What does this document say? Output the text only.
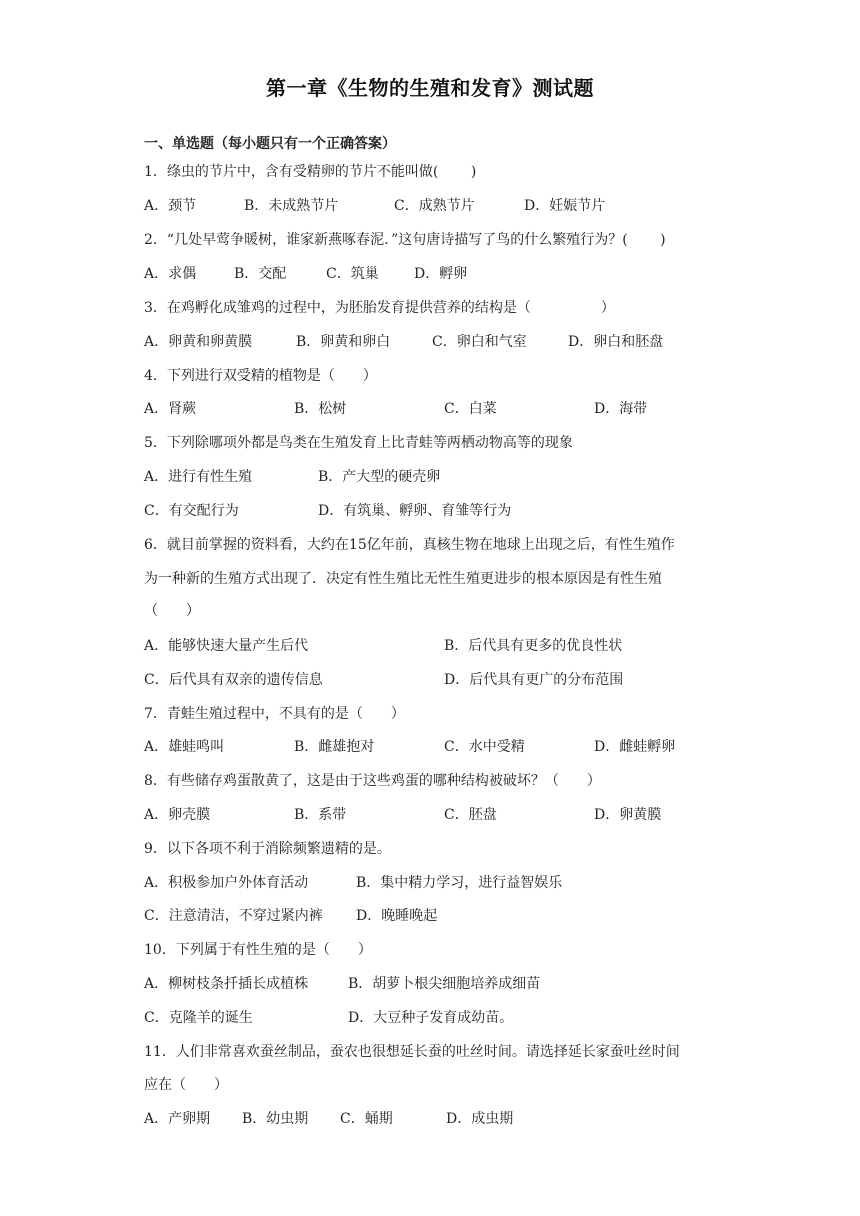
第一章《生物的生殖和发育》测试题
一、单选题（每小题只有一个正确答案）
1．绦虫的节片中，含有受精卵的节片不能叫做(　　 )
A．颈节	B．未成熟节片	C．成熟节片	D．妊娠节片
2．“几处早莺争暖树，谁家新燕啄春泥．”这句唐诗描写了鸟的什么繁殖行为？(　　 )
A．求偶	B．交配	C．筑巢	D．孵卵
3．在鸡孵化成雏鸡的过程中，为胚胎发育提供营养的结构是（　　　　　）
A．卵黄和卵黄膜	B．卵黄和卵白	C．卵白和气室	D．卵白和胚盘
4．下列进行双受精的植物是（　　）
A．肾蕨	B．松树	C．白菜	D．海带
5．下列除哪项外都是鸟类在生殖发育上比青蛙等两栖动物高等的现象
A．进行有性生殖	B．产大型的硬壳卵
C．有交配行为	D．有筑巢、孵卵、育雏等行为
6．就目前掌握的资料看，大约在15亿年前，真核生物在地球上出现之后，有性生殖作
为一种新的生殖方式出现了．决定有性生殖比无性生殖更进步的根本原因是有性生殖
（　　）
A．能够快速大量产生后代	B．后代具有更多的优良性状
C．后代具有双亲的遗传信息	D．后代具有更广的分布范围
7．青蛙生殖过程中，不具有的是（　　）
A．雄蛙鸣叫	B．雌雄抱对	C．水中受精	D．雌蛙孵卵
8．有些储存鸡蛋散黄了，这是由于这些鸡蛋的哪种结构被破坏？（　　）
A．卵壳膜	B．系带	C．胚盘	D．卵黄膜
9．以下各项不利于消除频繁遗精的是。
A．积极参加户外体育活动	B．集中精力学习，进行益智娱乐
C．注意清洁，不穿过紧内裤 D．晚睡晚起
10．下列属于有性生殖的是（　　）
A．柳树枝条扦插长成植株	B．胡萝卜根尖细胞培养成细苗
C．克隆羊的诞生	D．大豆种子发育成幼苗。
11．人们非常喜欢蚕丝制品，蚕农也很想延长蚕的吐丝时间。请选择延长家蚕吐丝时间
应在（　　）
A．产卵期 B．幼虫期 C．蛹期	D．成虫期
